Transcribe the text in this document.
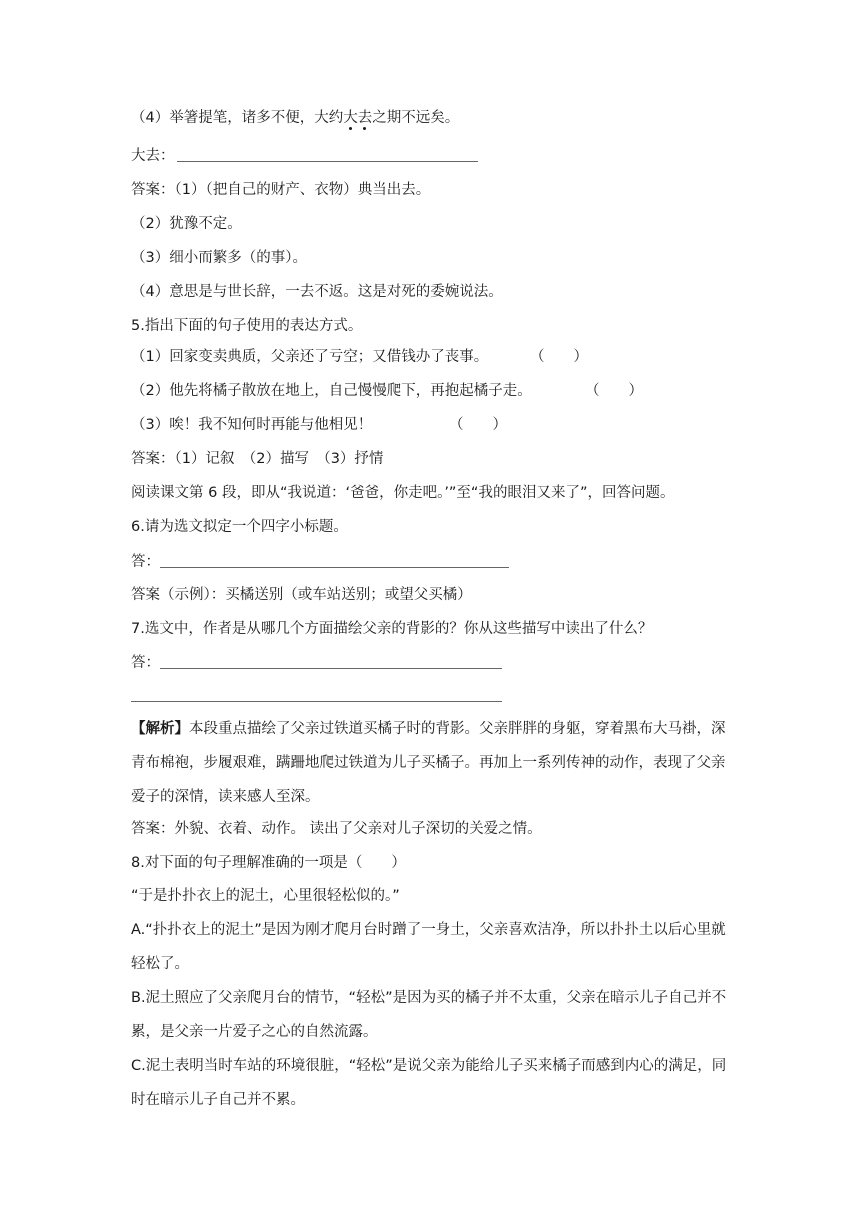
（4）举箸提笔，诸多不便，大约大去之期不远矣。
大去：
答案：（1）（把自己的财产、衣物）典当出去。
（2）犹豫不定。
（3）细小而繁多（的事）。
（4）意思是与世长辞，一去不返。这是对死的委婉说法。
5.指出下面的句子使用的表达方式。
（1）回家变卖典质，父亲还了亏空；又借钱办了丧事。	（　　）
（2）他先将橘子散放在地上，自己慢慢爬下，再抱起橘子走。	（　　）
（3）唉！我不知何时再能与他相见！	（　　）
答案：（1）记叙　（2）描写　（3）抒情
阅读课文第 6 段，即从“我说道：‘爸爸，你走吧。’”至“我的眼泪又来了”，回答问题。
6.请为选文拟定一个四字小标题。
答：
答案（示例）：买橘送别（或车站送别；或望父买橘）
7.选文中，作者是从哪几个方面描绘父亲的背影的？你从这些描写中读出了什么？
答：
【解析】本段重点描绘了父亲过铁道买橘子时的背影。父亲胖胖的身躯，穿着黑布大马褂，深青布棉袍，步履艰难，蹒跚地爬过铁道为儿子买橘子。再加上一系列传神的动作，表现了父亲爱子的深情，读来感人至深。
答案：外貌、衣着、动作。 读出了父亲对儿子深切的关爱之情。
8.对下面的句子理解准确的一项是（　　）
“于是扑扑衣上的泥土，心里很轻松似的。”
A.“扑扑衣上的泥土”是因为刚才爬月台时蹭了一身土，父亲喜欢洁净，所以扑扑土以后心里就轻松了。
B.泥土照应了父亲爬月台的情节，“轻松”是因为买的橘子并不太重，父亲在暗示儿子自己并不累，是父亲一片爱子之心的自然流露。
C.泥土表明当时车站的环境很脏，“轻松”是说父亲为能给儿子买来橘子而感到内心的满足，同时在暗示儿子自己并不累。
